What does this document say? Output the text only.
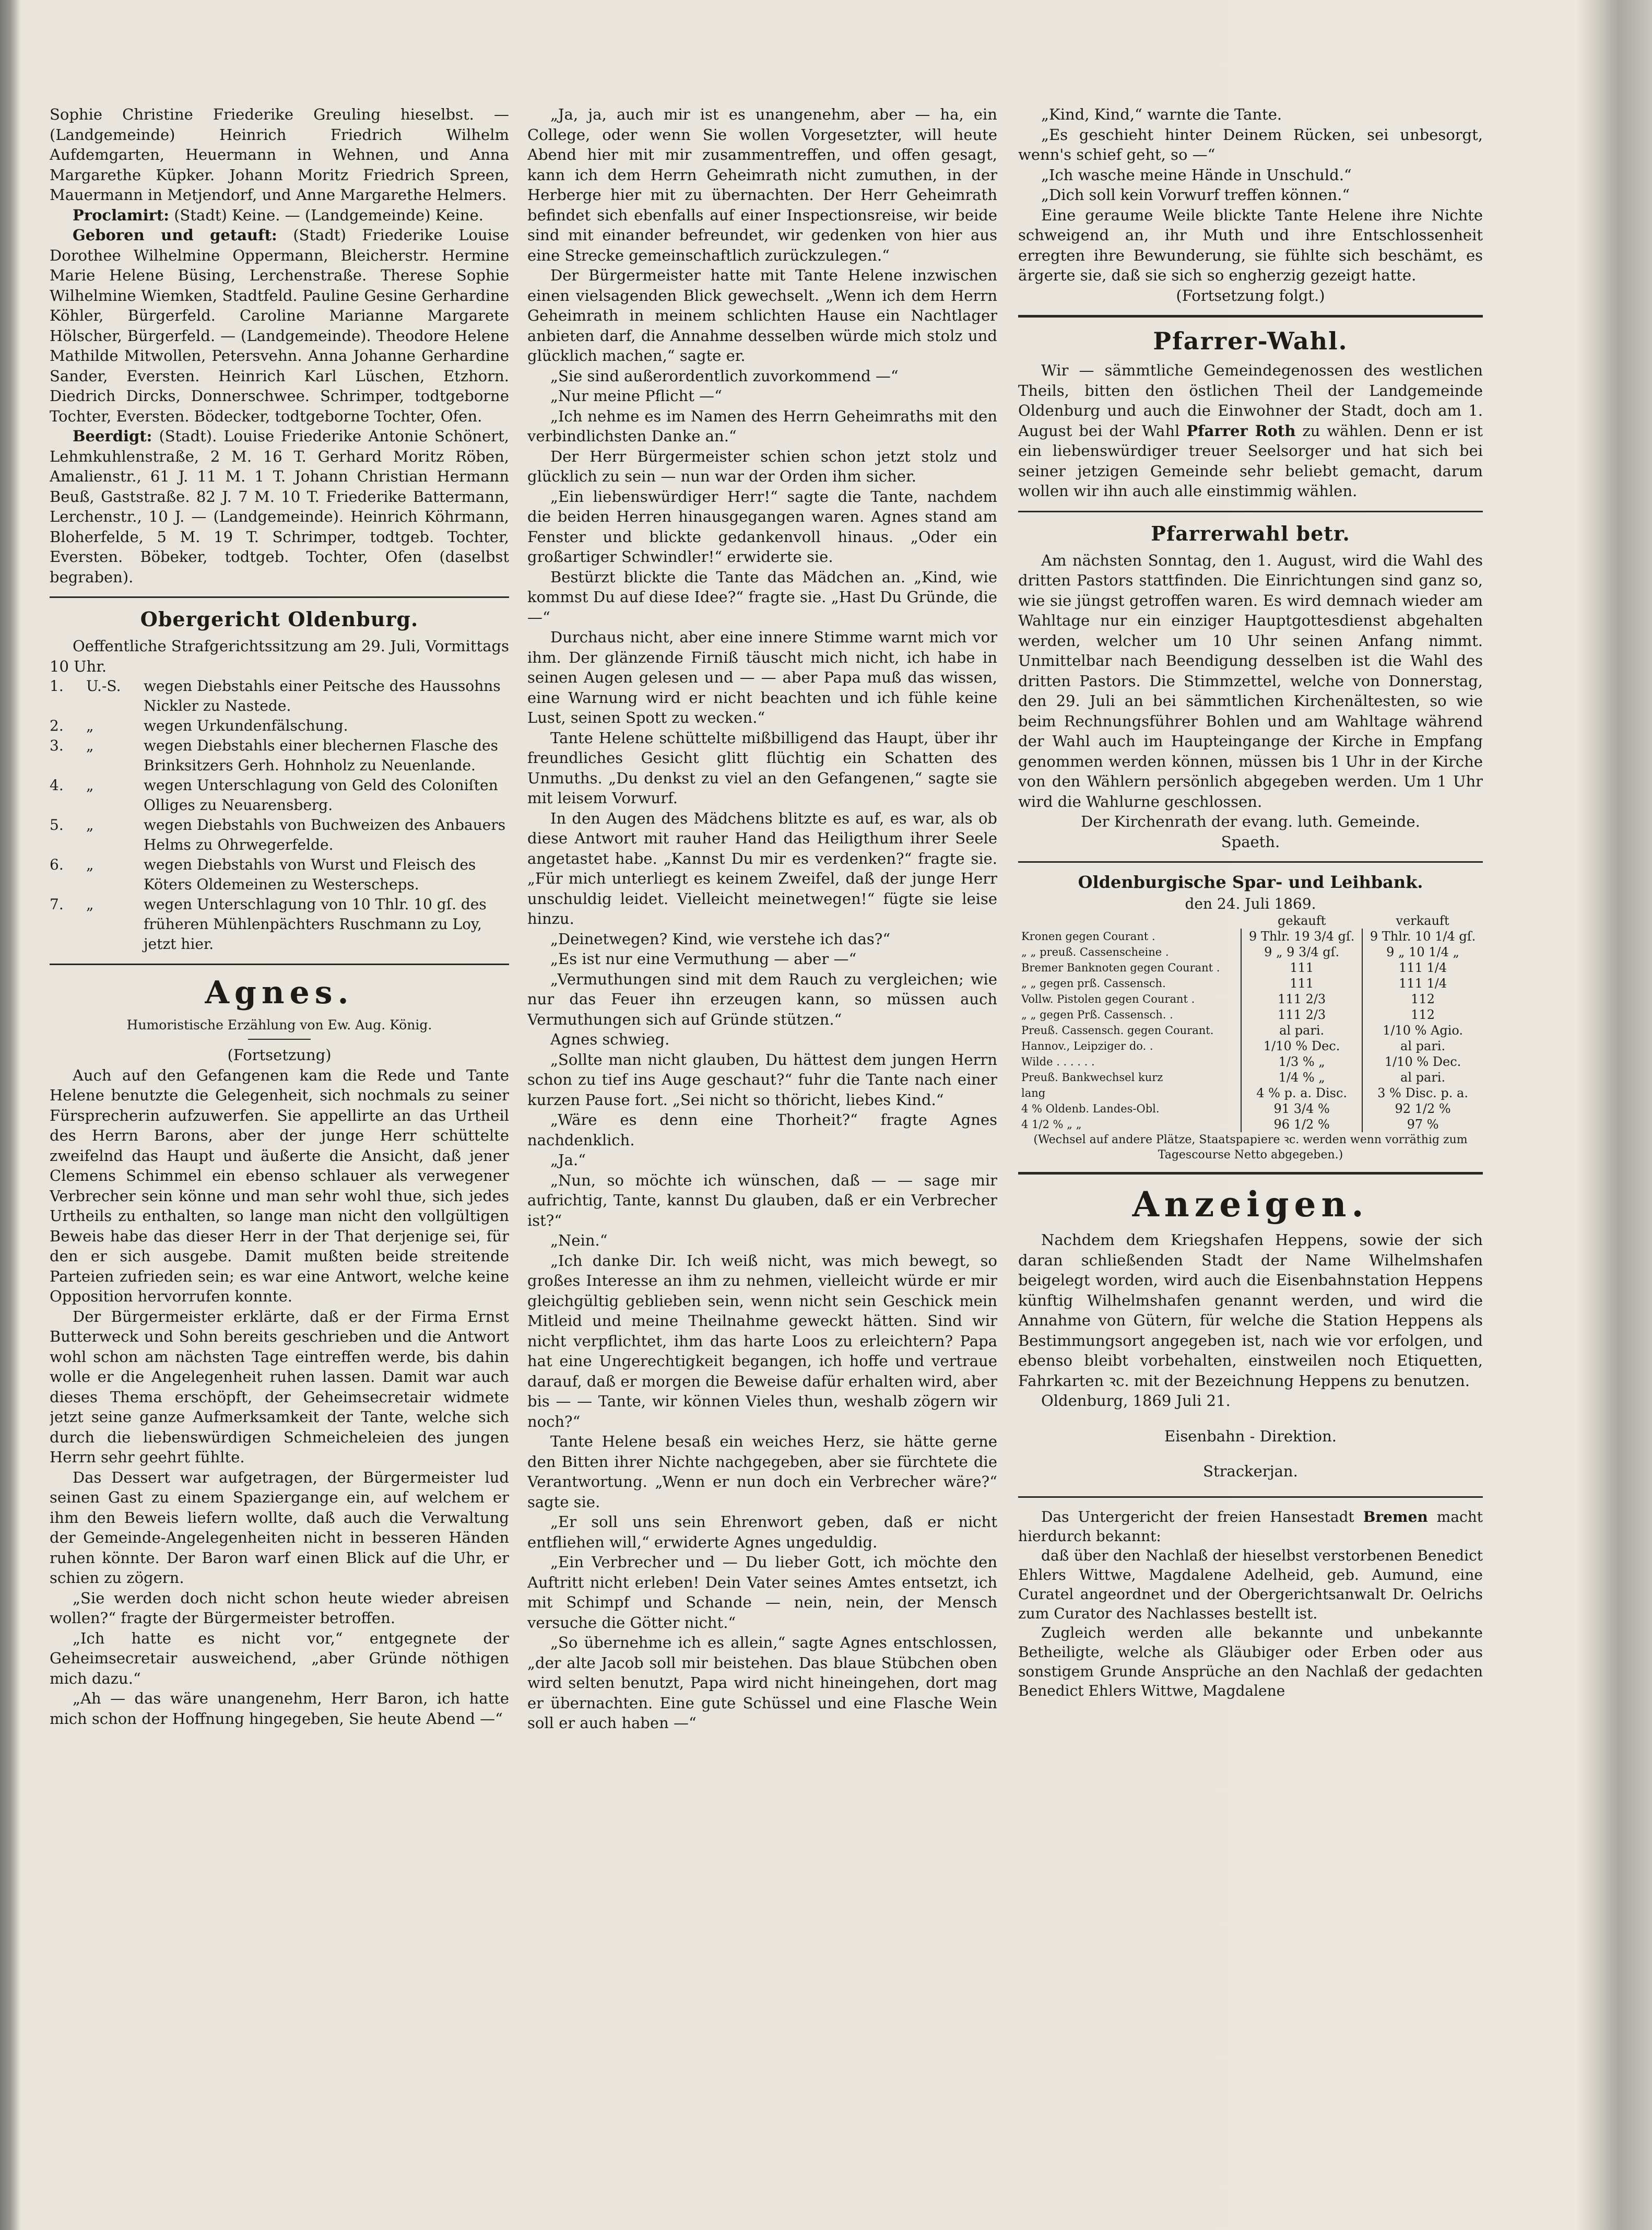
Sophie Christine Friederike Greuling hieselbst. — (Landgemeinde) Heinrich Friedrich Wilhelm Aufdemgarten, Heuermann in Wehnen, und Anna Margarethe Küpker. Johann Moritz Friedrich Spreen, Mauermann in Metjendorf, und Anne Margarethe Helmers.

Proclamirt: (Stadt) Keine. — (Landgemeinde) Keine.

Geboren und getauft: (Stadt) Friederike Louise Dorothee Wilhelmine Oppermann, Bleicherstr. Hermine Marie Helene Büsing, Lerchenstraße. Therese Sophie Wilhelmine Wiemken, Stadtfeld. Pauline Gesine Gerhardine Köhler, Bürgerfeld. Caroline Marianne Margarete Hölscher, Bürgerfeld. — (Landgemeinde). Theodore Helene Mathilde Mitwollen, Petersvehn. Anna Johanne Gerhardine Sander, Eversten. Heinrich Karl Lüschen, Etzhorn. Diedrich Dircks, Donnerschwee. Schrimper, todtgeborne Tochter, Eversten. Bödecker, todtgeborne Tochter, Ofen.

Beerdigt: (Stadt). Louise Friederike Antonie Schönert, Lehmkuhlenstraße, 2 M. 16 T. Gerhard Moritz Röben, Amalienstr., 61 J. 11 M. 1 T. Johann Christian Hermann Beuß, Gaststraße. 82 J. 7 M. 10 T. Friederike Battermann, Lerchenstr., 10 J. — (Landgemeinde). Heinrich Köhrmann, Bloherfelde, 5 M. 19 T. Schrimper, todtgeb. Tochter, Eversten. Böbeker, todtgeb. Tochter, Ofen (daselbst begraben).

Obergericht Oldenburg.

Oeffentliche Strafgerichtssitzung am 29. Juli, Vormittags 10 Uhr.

1.	U.-S.	wegen Diebstahls einer Peitsche des Haussohns Nickler zu Nastede.
2.	„	wegen Urkundenfälschung.
3.	„	wegen Diebstahls einer blechernen Flasche des Brinksitzers Gerh. Hohnholz zu Neuenlande.
4.	„	wegen Unterschlagung von Geld des Coloniſten Olliges zu Neuarensberg.
5.	„	wegen Diebstahls von Buchweizen des Anbauers Helms zu Ohrwegerfelde.
6.	„	wegen Diebstahls von Wurst und Fleisch des Köters Oldemeinen zu Westerscheps.
7.	„	wegen Unterschlagung von 10 Thlr. 10 gſ. des früheren Mühlenpächters Ruschmann zu Loy, jetzt hier.
Agnes.

Humoristische Erzählung von Ew. Aug. König.

(Fortsetzung)

Auch auf den Gefangenen kam die Rede und Tante Helene benutzte die Gelegenheit, sich nochmals zu seiner Fürsprecherin aufzuwerfen. Sie appellirte an das Urtheil des Herrn Barons, aber der junge Herr schüttelte zweifelnd das Haupt und äußerte die Ansicht, daß jener Clemens Schimmel ein ebenso schlauer als verwegener Verbrecher sein könne und man sehr wohl thue, sich jedes Urtheils zu enthalten, so lange man nicht den vollgültigen Beweis habe das dieser Herr in der That derjenige sei, für den er sich ausgebe. Damit mußten beide streitende Parteien zufrieden sein; es war eine Antwort, welche keine Opposition hervorrufen konnte.

Der Bürgermeister erklärte, daß er der Firma Ernst Butterweck und Sohn bereits geschrieben und die Antwort wohl schon am nächsten Tage eintreffen werde, bis dahin wolle er die Angelegenheit ruhen lassen. Damit war auch dieses Thema erschöpft, der Geheimsecretair widmete jetzt seine ganze Aufmerksamkeit der Tante, welche sich durch die liebenswürdigen Schmeicheleien des jungen Herrn sehr geehrt fühlte.

Das Dessert war aufgetragen, der Bürgermeister lud seinen Gast zu einem Spaziergange ein, auf welchem er ihm den Beweis liefern wollte, daß auch die Verwaltung der Gemeinde-Angelegenheiten nicht in besseren Händen ruhen könnte. Der Baron warf einen Blick auf die Uhr, er schien zu zögern.

„Sie werden doch nicht schon heute wieder abreisen wollen?“ fragte der Bürgermeister betroffen.

„Ich hatte es nicht vor,“ entgegnete der Geheimsecretair ausweichend, „aber Gründe nöthigen mich dazu.“

„Ah — das wäre unangenehm, Herr Baron, ich hatte mich schon der Hoffnung hingegeben, Sie heute Abend —“

„Ja, ja, auch mir ist es unangenehm, aber — ha, ein College, oder wenn Sie wollen Vorgesetzter, will heute Abend hier mit mir zusammentreffen, und offen gesagt, kann ich dem Herrn Geheimrath nicht zumuthen, in der Herberge hier mit zu übernachten. Der Herr Geheimrath befindet sich ebenfalls auf einer Inspectionsreise, wir beide sind mit einander befreundet, wir gedenken von hier aus eine Strecke gemeinschaftlich zurückzulegen.“

Der Bürgermeister hatte mit Tante Helene inzwischen einen vielsagenden Blick gewechselt. „Wenn ich dem Herrn Geheimrath in meinem schlichten Hause ein Nachtlager anbieten darf, die Annahme desselben würde mich stolz und glücklich machen,“ sagte er.

„Sie sind außerordentlich zuvorkommend —“

„Nur meine Pflicht —“

„Ich nehme es im Namen des Herrn Geheimraths mit den verbindlichsten Danke an.“

Der Herr Bürgermeister schien schon jetzt stolz und glücklich zu sein — nun war der Orden ihm sicher.

„Ein liebenswürdiger Herr!“ sagte die Tante, nachdem die beiden Herren hinausgegangen waren. Agnes stand am Fenster und blickte gedankenvoll hinaus. „Oder ein großartiger Schwindler!“ erwiderte sie.

Bestürzt blickte die Tante das Mädchen an. „Kind, wie kommst Du auf diese Idee?“ fragte sie. „Hast Du Gründe, die —“

Durchaus nicht, aber eine innere Stimme warnt mich vor ihm. Der glänzende Firniß täuscht mich nicht, ich habe in seinen Augen gelesen und — — aber Papa muß das wissen, eine Warnung wird er nicht beachten und ich fühle keine Lust, seinen Spott zu wecken.“

Tante Helene schüttelte mißbilligend das Haupt, über ihr freundliches Gesicht glitt flüchtig ein Schatten des Unmuths. „Du denkst zu viel an den Gefangenen,“ sagte sie mit leisem Vorwurf.

In den Augen des Mädchens blitzte es auf, es war, als ob diese Antwort mit rauher Hand das Heiligthum ihrer Seele angetastet habe. „Kannst Du mir es verdenken?“ fragte sie. „Für mich unterliegt es keinem Zweifel, daß der junge Herr unschuldig leidet. Vielleicht meinetwegen!“ fügte sie leise hinzu.

„Deinetwegen? Kind, wie verstehe ich das?“

„Es ist nur eine Vermuthung — aber —“

„Vermuthungen sind mit dem Rauch zu vergleichen; wie nur das Feuer ihn erzeugen kann, so müssen auch Vermuthungen sich auf Gründe stützen.“

Agnes schwieg.

„Sollte man nicht glauben, Du hättest dem jungen Herrn schon zu tief ins Auge geschaut?“ fuhr die Tante nach einer kurzen Pause fort. „Sei nicht so thöricht, liebes Kind.“

„Wäre es denn eine Thorheit?“ fragte Agnes nachdenklich.

„Ja.“

„Nun, so möchte ich wünschen, daß — — sage mir aufrichtig, Tante, kannst Du glauben, daß er ein Verbrecher ist?“

„Nein.“

„Ich danke Dir. Ich weiß nicht, was mich bewegt, so großes Interesse an ihm zu nehmen, vielleicht würde er mir gleichgültig geblieben sein, wenn nicht sein Geschick mein Mitleid und meine Theilnahme geweckt hätten. Sind wir nicht verpflichtet, ihm das harte Loos zu erleichtern? Papa hat eine Ungerechtigkeit begangen, ich hoffe und vertraue darauf, daß er morgen die Beweise dafür erhalten wird, aber bis — — Tante, wir können Vieles thun, weshalb zögern wir noch?“

Tante Helene besaß ein weiches Herz, sie hätte gerne den Bitten ihrer Nichte nachgegeben, aber sie fürchtete die Verantwortung. „Wenn er nun doch ein Verbrecher wäre?“ sagte sie.

„Er soll uns sein Ehrenwort geben, daß er nicht entfliehen will,“ erwiderte Agnes ungeduldig.

„Ein Verbrecher und — Du lieber Gott, ich möchte den Auftritt nicht erleben! Dein Vater seines Amtes entsetzt, ich mit Schimpf und Schande — nein, nein, der Mensch versuche die Götter nicht.“

„So übernehme ich es allein,“ sagte Agnes entschlossen, „der alte Jacob soll mir beistehen. Das blaue Stübchen oben wird selten benutzt, Papa wird nicht hineingehen, dort mag er übernachten. Eine gute Schüssel und eine Flasche Wein soll er auch haben —“

„Kind, Kind,“ warnte die Tante.

„Es geschieht hinter Deinem Rücken, sei unbesorgt, wenn's schief geht, so —“

„Ich wasche meine Hände in Unschuld.“

„Dich soll kein Vorwurf treffen können.“

Eine geraume Weile blickte Tante Helene ihre Nichte schweigend an, ihr Muth und ihre Entschlossenheit erregten ihre Bewunderung, sie fühlte sich beschämt, es ärgerte sie, daß sie sich so engherzig gezeigt hatte.

(Fortsetzung folgt.)

Pfarrer-Wahl.

Wir — sämmtliche Gemeindegenossen des westlichen Theils, bitten den östlichen Theil der Landgemeinde Oldenburg und auch die Einwohner der Stadt, doch am 1. August bei der Wahl Pfarrer Roth zu wählen. Denn er ist ein liebenswürdiger treuer Seelsorger und hat sich bei seiner jetzigen Gemeinde sehr beliebt gemacht, darum wollen wir ihn auch alle einstimmig wählen.

Pfarrerwahl betr.

Am nächsten Sonntag, den 1. August, wird die Wahl des dritten Pastors stattfinden. Die Einrichtungen sind ganz so, wie sie jüngst getroffen waren. Es wird demnach wieder am Wahltage nur ein einziger Hauptgottesdienst abgehalten werden, welcher um 10 Uhr seinen Anfang nimmt. Unmittelbar nach Beendigung desselben ist die Wahl des dritten Pastors. Die Stimmzettel, welche von Donnerstag, den 29. Juli an bei sämmtlichen Kirchenältesten, so wie beim Rechnungsführer Bohlen und am Wahltage während der Wahl auch im Haupteingange der Kirche in Empfang genommen werden können, müssen bis 1 Uhr in der Kirche von den Wählern persönlich abgegeben werden. Um 1 Uhr wird die Wahlurne geschlossen.

Der Kirchenrath der evang. luth. Gemeinde.

Spaeth.

Oldenburgische Spar- und Leihbank.

den 24. Juli 1869.

	gekauft	verkauft
Kronen gegen Courant .	9 Thlr. 19 3/4 gſ.	9 Thlr. 10 1/4 gſ.
„ „ preuß. Cassenscheine .	9 „ 9 3/4 gſ.	9 „ 10 1/4 „
Bremer Banknoten gegen Courant .	111	111 1/4
„ „ gegen prß. Cassensch.	111	111 1/4
Vollw. Pistolen gegen Courant .	111 2/3	112
„ „ gegen Prß. Cassensch. .	111 2/3	112
Preuß. Cassensch. gegen Courant.	al pari.	1/10 % Agio.
Hannov., Leipziger do. .	1/10 % Dec.	al pari.
Wilde . . . . . .	1/3 % „	1/10 % Dec.
Preuß. Bankwechsel kurz	1/4 % „	al pari.
lang	4 % p. a. Disc.	3 % Disc. p. a.
4 % Oldenb. Landes-Obl.	91 3/4 %	92 1/2 %
4 1/2 % „ „	96 1/2 %	97 %

(Wechsel auf andere Plätze, Staatspapiere ꝛc. werden wenn vorräthig zum Tagescourse Netto abgegeben.)

Anzeigen.

Nachdem dem Kriegshafen Heppens, sowie der sich daran schließenden Stadt der Name Wilhelmshafen beigelegt worden, wird auch die Eisenbahnstation Heppens künftig Wilhelmshafen genannt werden, und wird die Annahme von Gütern, für welche die Station Heppens als Bestimmungsort angegeben ist, nach wie vor erfolgen, und ebenso bleibt vorbehalten, einstweilen noch Etiquetten, Fahrkarten ꝛc. mit der Bezeichnung Heppens zu benutzen.

Oldenburg, 1869 Juli 21.

Eisenbahn - Direktion.

Strackerjan.

Das Untergericht der freien Hansestadt Bremen macht hierdurch bekannt:

daß über den Nachlaß der hieselbst verstorbenen Benedict Ehlers Wittwe, Magdalene Adelheid, geb. Aumund, eine Curatel angeordnet und der Obergerichtsanwalt Dr. Oelrichs zum Curator des Nachlasses bestellt ist.

Zugleich werden alle bekannte und unbekannte Betheiligte, welche als Gläubiger oder Erben oder aus sonstigem Grunde Ansprüche an den Nachlaß der gedachten Benedict Ehlers Wittwe, Magdalene
